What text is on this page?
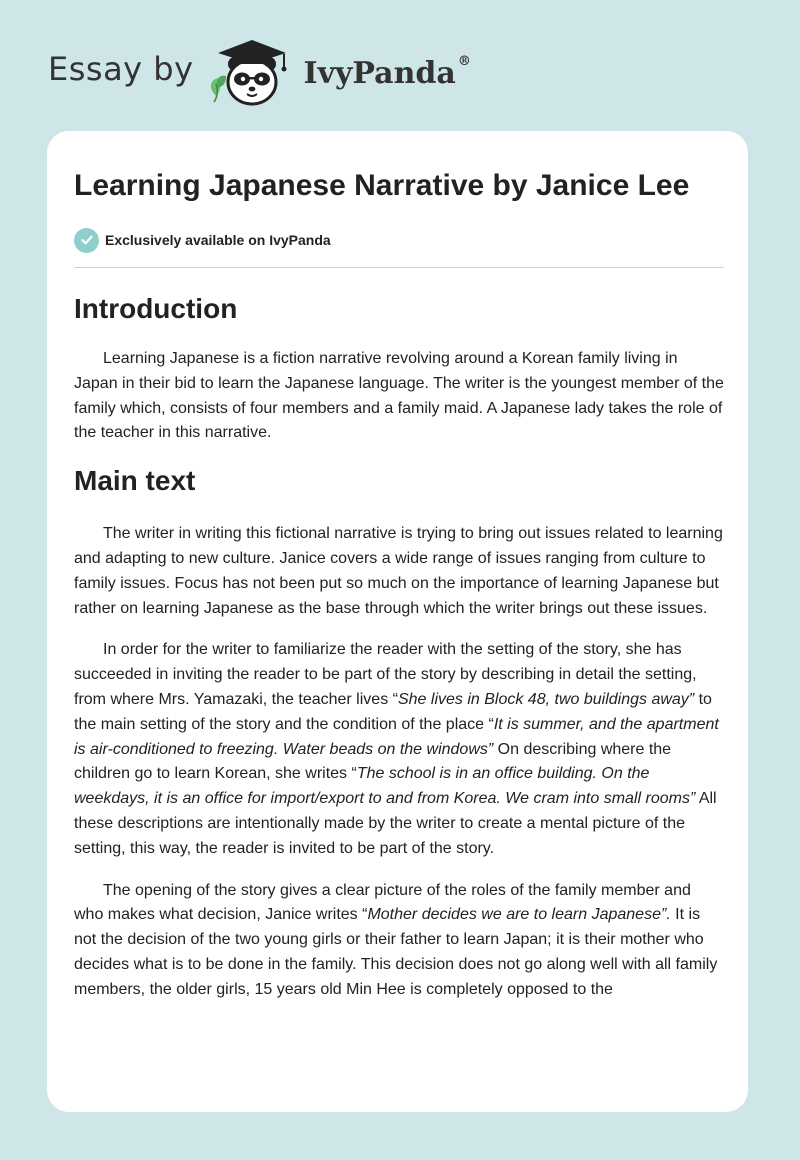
Essay by	IvyPanda ®
Learning Japanese Narrative by Janice Lee
Exclusively available on IvyPanda
Introduction

Learning Japanese is a fiction narrative revolving around a Korean family living in Japan in their bid to learn the Japanese language. The writer is the youngest member of the family which, consists of four members and a family maid. A Japanese lady takes the role of the teacher in this narrative.

Main text

The writer in writing this fictional narrative is trying to bring out issues related to learning and adapting to new culture. Janice covers a wide range of issues ranging from culture to family issues. Focus has not been put so much on the importance of learning Japanese but rather on learning Japanese as the base through which the writer brings out these issues.

In order for the writer to familiarize the reader with the setting of the story, she has succeeded in inviting the reader to be part of the story by describing in detail the setting, from where Mrs. Yamazaki, the teacher lives “She lives in Block 48, two buildings away” to the main setting of the story and the condition of the place “It is summer, and the apartment is air-conditioned to freezing. Water beads on the windows” On describing where the children go to learn Korean, she writes “The school is in an office building. On the weekdays, it is an office for import/export to and from Korea. We cram into small rooms” All these descriptions are intentionally made by the writer to create a mental picture of the setting, this way, the reader is invited to be part of the story.

The opening of the story gives a clear picture of the roles of the family member and who makes what decision, Janice writes “Mother decides we are to learn Japanese”. It is not the decision of the two young girls or their father to learn Japan; it is their mother who decides what is to be done in the family. This decision does not go along well with all family members, the older girls, 15 years old Min Hee is completely opposed to the
